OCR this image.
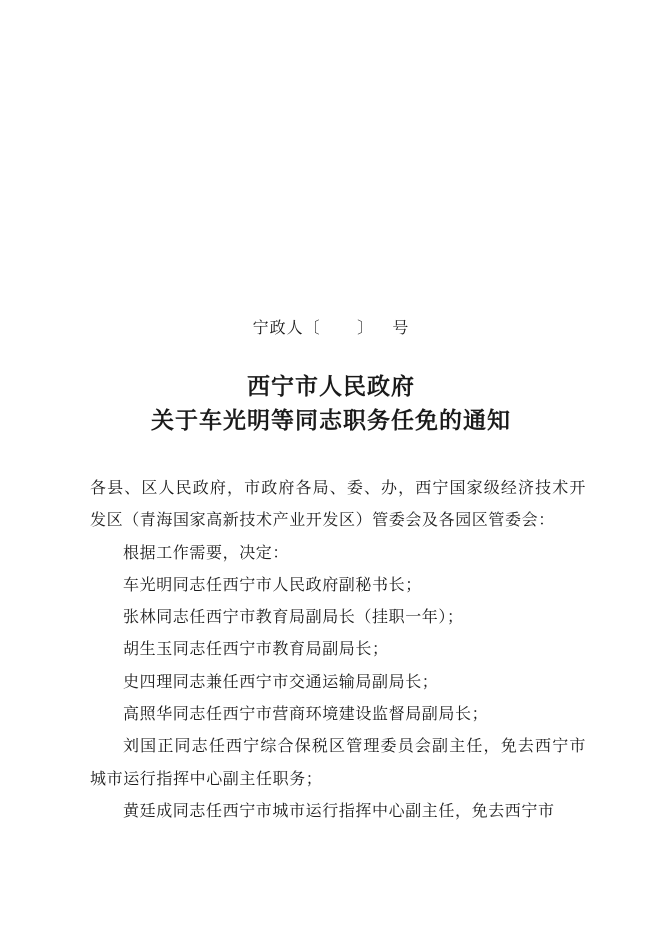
宁政人〔      〕   号
西宁市人民政府
关于车光明等同志职务任免的通知

各县、区人民政府，市政府各局、委、办，西宁国家级经济技术开发区（青海国家高新技术产业开发区）管委会及各园区管委会：

根据工作需要，决定：

车光明同志任西宁市人民政府副秘书长；

张林同志任西宁市教育局副局长（挂职一年）；

胡生玉同志任西宁市教育局副局长；

史四理同志兼任西宁市交通运输局副局长；

高照华同志任西宁市营商环境建设监督局副局长；

刘国正同志任西宁综合保税区管理委员会副主任，免去西宁市城市运行指挥中心副主任职务；

黄廷成同志任西宁市城市运行指挥中心副主任，免去西宁市
